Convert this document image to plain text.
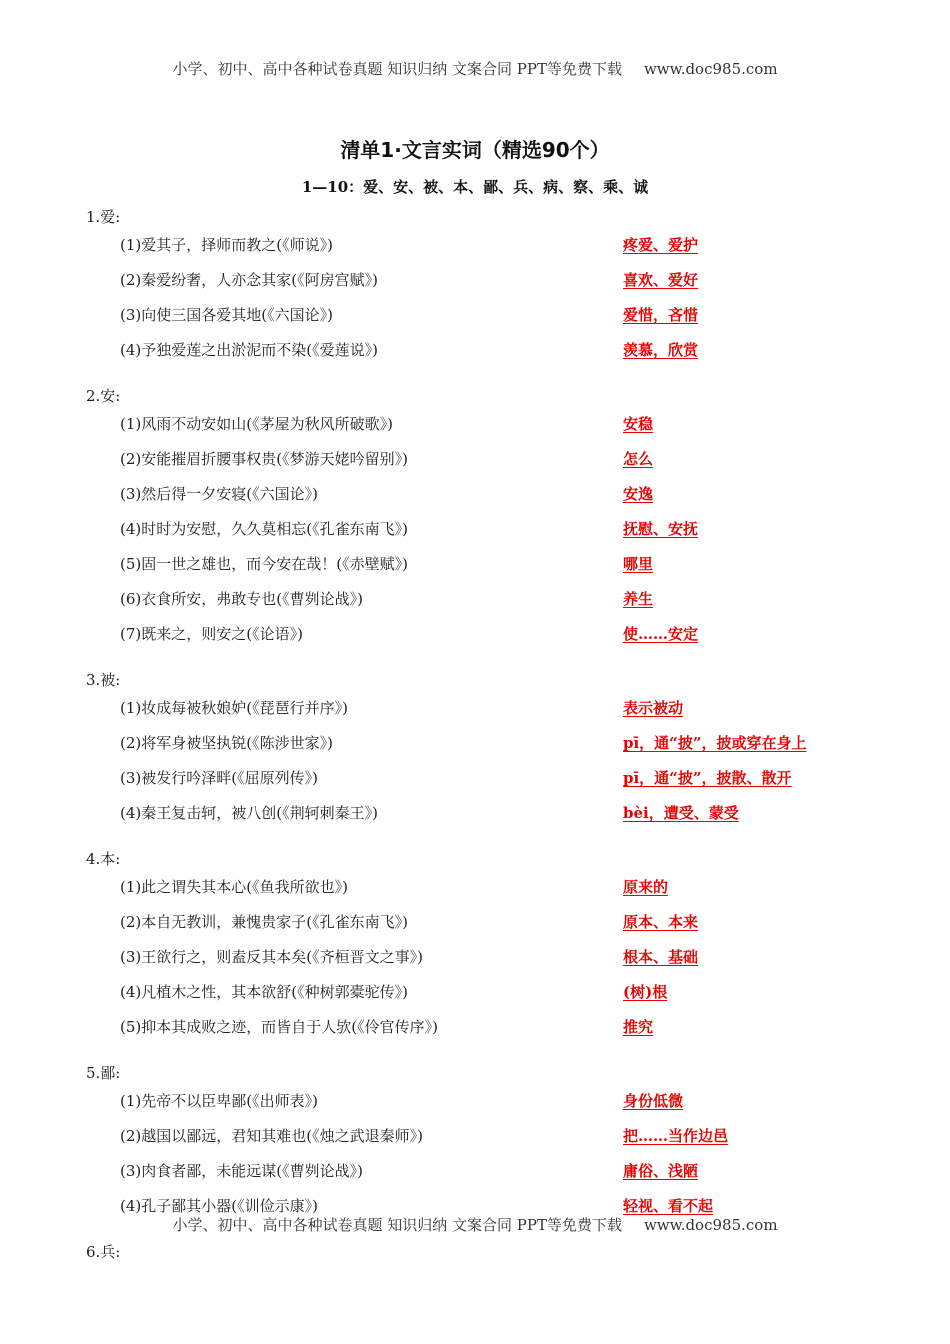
小学、初中、高中各种试卷真题 知识归纳 文案合同 PPT等免费下载 www.doc985.com
清单1·文言实词（精选90个）
1—10：爱、安、被、本、鄙、兵、病、察、乘、诚
1.爱:
(1)爱其子，择师而教之(《师说》)	疼爱、爱护
(2)秦爱纷奢，人亦念其家(《阿房宫赋》)	喜欢、爱好
(3)向使三国各爱其地(《六国论》)	爱惜，吝惜
(4)予独爱莲之出淤泥而不染(《爱莲说》)	羡慕，欣赏
2.安:
(1)风雨不动安如山(《茅屋为秋风所破歌》)	安稳
(2)安能摧眉折腰事权贵(《梦游天姥吟留别》)	怎么
(3)然后得一夕安寝(《六国论》)	安逸
(4)时时为安慰，久久莫相忘(《孔雀东南飞》)	抚慰、安抚
(5)固一世之雄也，而今安在哉！(《赤壁赋》)	哪里
(6)衣食所安，弗敢专也(《曹刿论战》)	养生
(7)既来之，则安之(《论语》)	使……安定
3.被:
(1)妆成每被秋娘妒(《琵琶行并序》)	表示被动
(2)将军身被坚执锐(《陈涉世家》)	pī，通“披”，披或穿在身上
(3)被发行吟泽畔(《屈原列传》)	pī，通“披”，披散、散开
(4)秦王复击轲，被八创(《荆轲刺秦王》)	bèi，遭受、蒙受
4.本:
(1)此之谓失其本心(《鱼我所欲也》)	原来的
(2)本自无教训，兼愧贵家子(《孔雀东南飞》)	原本、本来
(3)王欲行之，则盍反其本矣(《齐桓晋文之事》)	根本、基础
(4)凡植木之性，其本欲舒(《种树郭橐驼传》)	(树)根
(5)抑本其成败之迹，而皆自于人欤(《伶官传序》)	推究
5.鄙:
(1)先帝不以臣卑鄙(《出师表》)	身份低微
(2)越国以鄙远，君知其难也(《烛之武退秦师》)	把……当作边邑
(3)肉食者鄙，未能远谋(《曹刿论战》)	庸俗、浅陋
(4)孔子鄙其小器(《训俭示康》)	轻视、看不起
6.兵:
小学、初中、高中各种试卷真题 知识归纳 文案合同 PPT等免费下载 www.doc985.com
